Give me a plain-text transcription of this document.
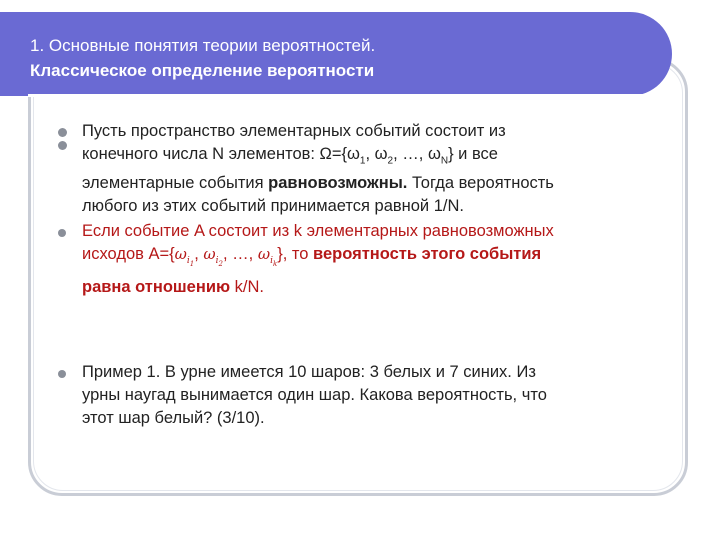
1. Основные понятия теории вероятностей.
Классическое определение вероятности
Пусть пространство элементарных событий состоит из
конечного числа N элементов: $\Omega=\{\omega_1$, $\omega_2$, …, $\omega_N$} и все
элементарные события равновозможны. Тогда вероятность
любого из этих событий принимается равной 1/N.
Если событие A состоит из k элементарных равновозможных
исходов $A=\{\omega_{i_1}$, $\omega_{i_2}$, …, $\omega_{i_k}$}, то вероятность этого события
равна отношению k/N.
Пример 1. В урне имеется 10 шаров: 3 белых и 7 синих. Из
урны наугад вынимается один шар. Какова вероятность, что
этот шар белый? (3/10).
